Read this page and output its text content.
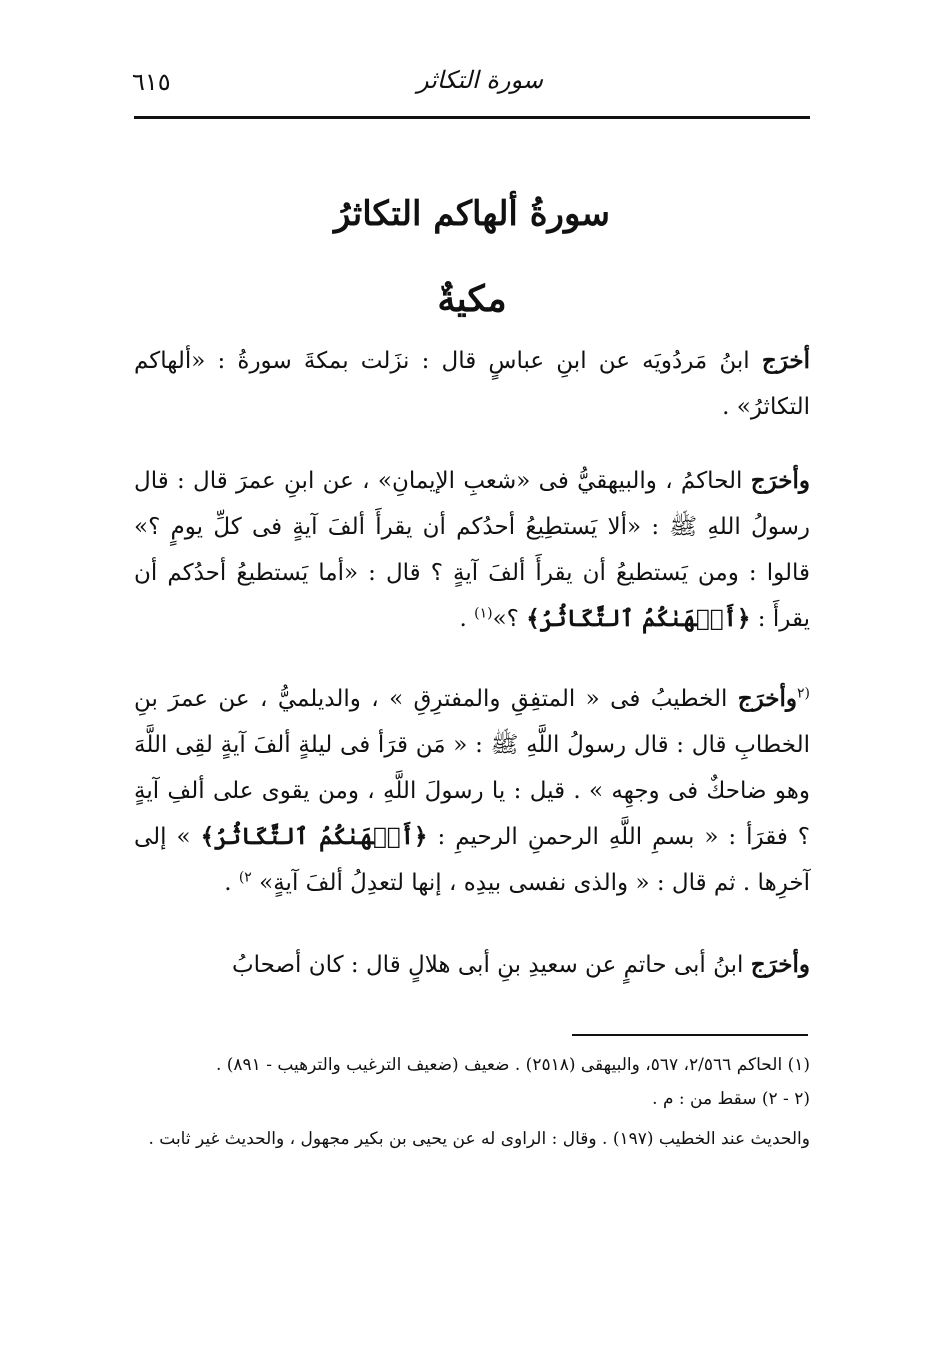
٦١٥	سورة التكاثر
سورةُ ألهاكم التكاثرُ
مكيةٌ
أخرَج ابنُ مَردُويَه عن ابنِ عباسٍ قال : نزَلت بمكةَ سورةُ : «ألهاكم التكاثرُ» .
وأخرَج الحاكمُ ، والبيهقيُّ فى «شعبِ الإيمانِ» ، عن ابنِ عمرَ قال : قال رسولُ اللهِ ﷺ : «ألا يَستطِيعُ أحدُكم أن يقرأَ ألفَ آيةٍ فى كلِّ يومٍ ؟» قالوا : ومن يَستطيعُ أن يقرأَ ألفَ آيةٍ ؟ قال : «أما يَستطيعُ أحدُكم أن يقرأَ : ﴿أَلۡهَىٰكُمُ ٱلتَّكَاثُرُ﴾ ؟»$^{(١)}$ .
$^{(٢}$وأخرَج الخطيبُ فى « المتفِقِ والمفترِقِ » ، والديلميُّ ، عن عمرَ بنِ الخطابِ قال : قال رسولُ اللَّهِ ﷺ : « مَن قرَأ فى ليلةٍ ألفَ آيةٍ لقِى اللَّهَ وهو ضاحكٌ فى وجهِه » . قيل : يا رسولَ اللَّهِ ، ومن يقوى على ألفِ آيةٍ ؟ فقرَأ : « بسمِ اللَّهِ الرحمنِ الرحيمِ : ﴿أَلۡهَىٰكُمُ ٱلتَّكَاثُرُ﴾ » إلى آخرِها . ثم قال : « والذى نفسى بيدِه ، إنها لتعدِلُ ألفَ آيةٍ» $^{٢)}$ .
وأخرَج ابنُ أبى حاتمٍ عن سعيدِ بنِ أبى هلالٍ قال : كان أصحابُ

(١) الحاكم ٢/٥٦٦، ٥٦٧، والبيهقى (٢٥١٨) . ضعيف (ضعيف الترغيب والترهيب - ٨٩١) .

(٢ - ٢) سقط من : م .

والحديث عند الخطيب (١٩٧) . وقال : الراوى له عن يحيى بن بكير مجهول ، والحديث غير ثابت .
